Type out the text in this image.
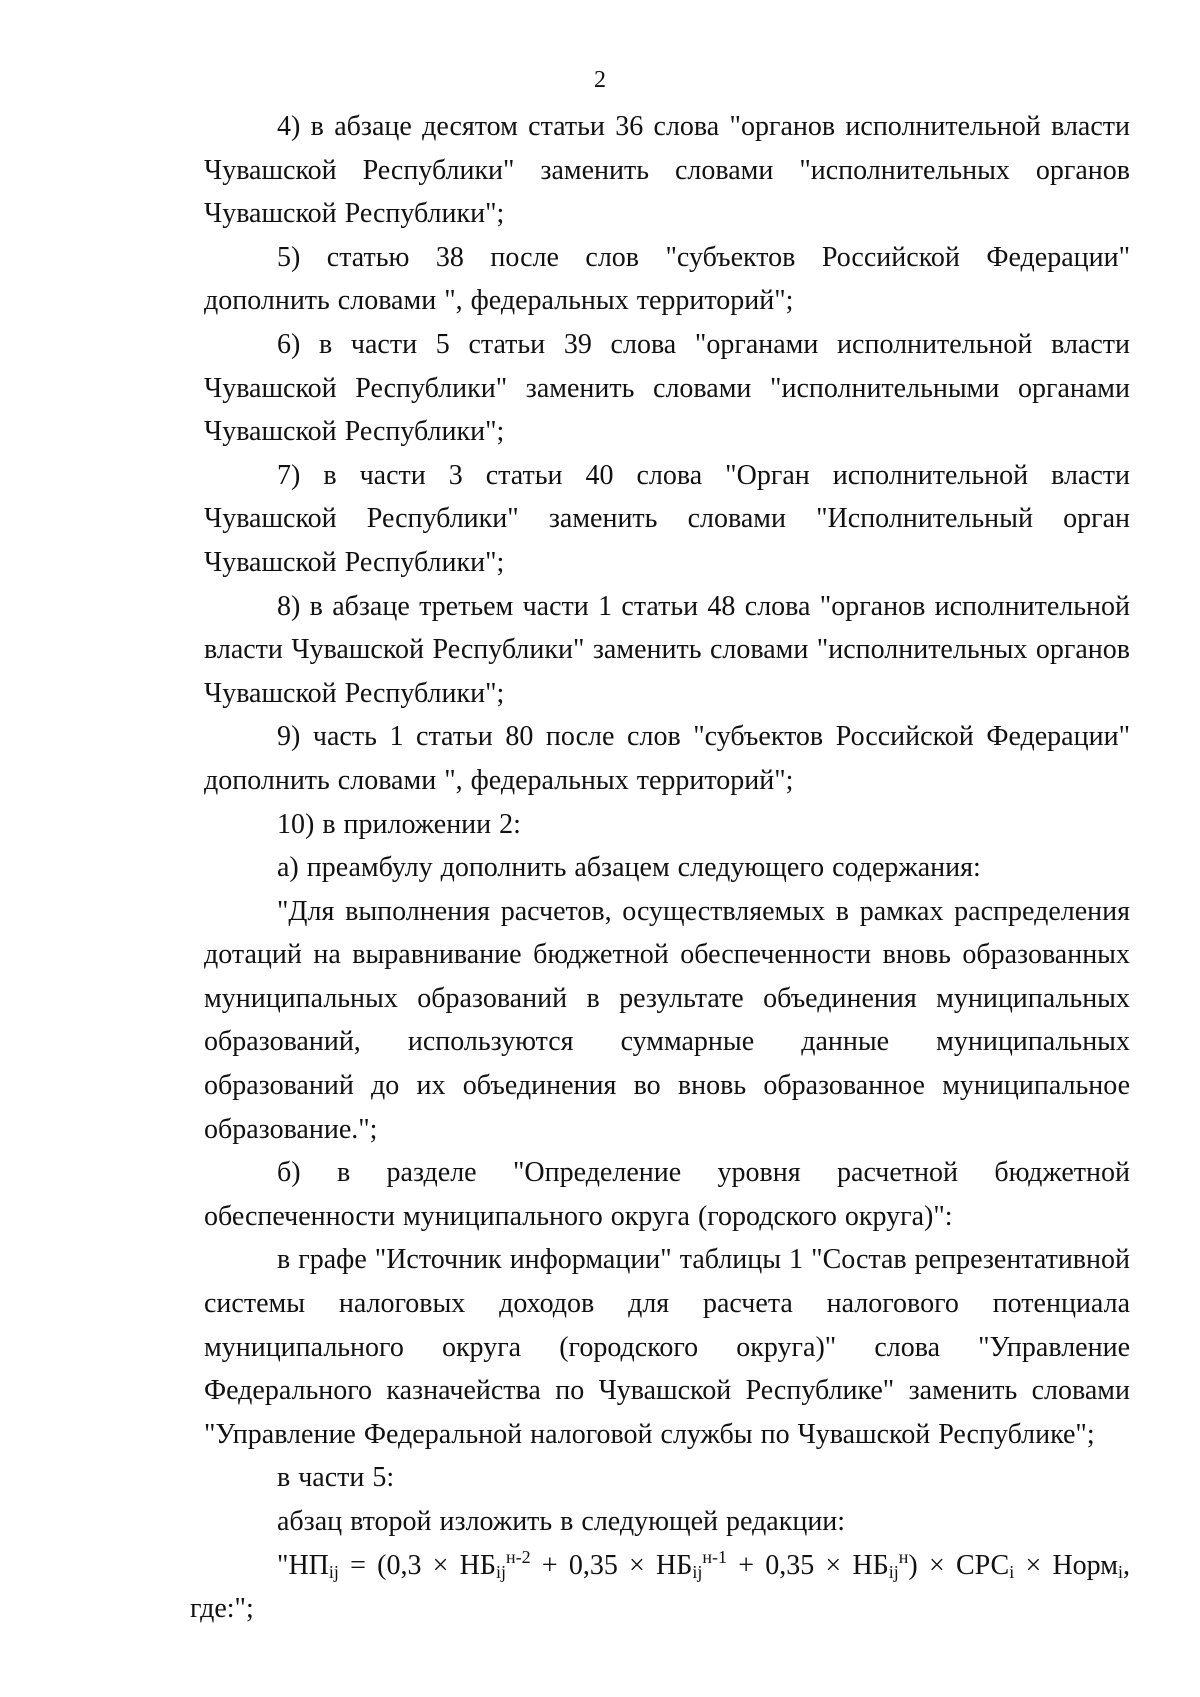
2

4) в абзаце десятом статьи 36 слова "органов исполнительной власти Чувашской Республики" заменить словами "исполнительных органов Чувашской Республики";

5) статью 38 после слов "субъектов Российской Федерации" дополнить словами ", федеральных территорий";

6) в части 5 статьи 39 слова "органами исполнительной власти Чувашской Республики" заменить словами "исполнительными органами Чувашской Республики";

7) в части 3 статьи 40 слова "Орган исполнительной власти Чувашской Республики" заменить словами "Исполнительный орган Чувашской Республики";

8) в абзаце третьем части 1 статьи 48 слова "органов исполнительной власти Чувашской Республики" заменить словами "исполнительных органов Чувашской Республики";

9) часть 1 статьи 80 после слов "субъектов Российской Федерации" дополнить словами ", федеральных территорий";

10) в приложении 2:

а) преамбулу дополнить абзацем следующего содержания:

"Для выполнения расчетов, осуществляемых в рамках распределения дотаций на выравнивание бюджетной обеспеченности вновь образованных муниципальных образований в результате объединения муниципальных образований, используются суммарные данные муниципальных образований до их объединения во вновь образованное муниципальное образование.";

б) в разделе "Определение уровня расчетной бюджетной обеспеченности муниципального округа (городского округа)":

в графе "Источник информации" таблицы 1 "Состав репрезентативной системы налоговых доходов для расчета налогового потенциала муниципального округа (городского округа)" слова "Управление Федерального казначейства по Чувашской Республике" заменить словами "Управление Федеральной налоговой службы по Чувашской Республике";

в части 5:

абзац второй изложить в следующей редакции:

"$НП_{ij} = (0,3 \times НБ_{ij}^{н-2} + 0,35 \times НБ_{ij}^{н-1} + 0,35 \times НБ_{ij}^н) \times СРС_i$ × Норм$_i$,

где:";
